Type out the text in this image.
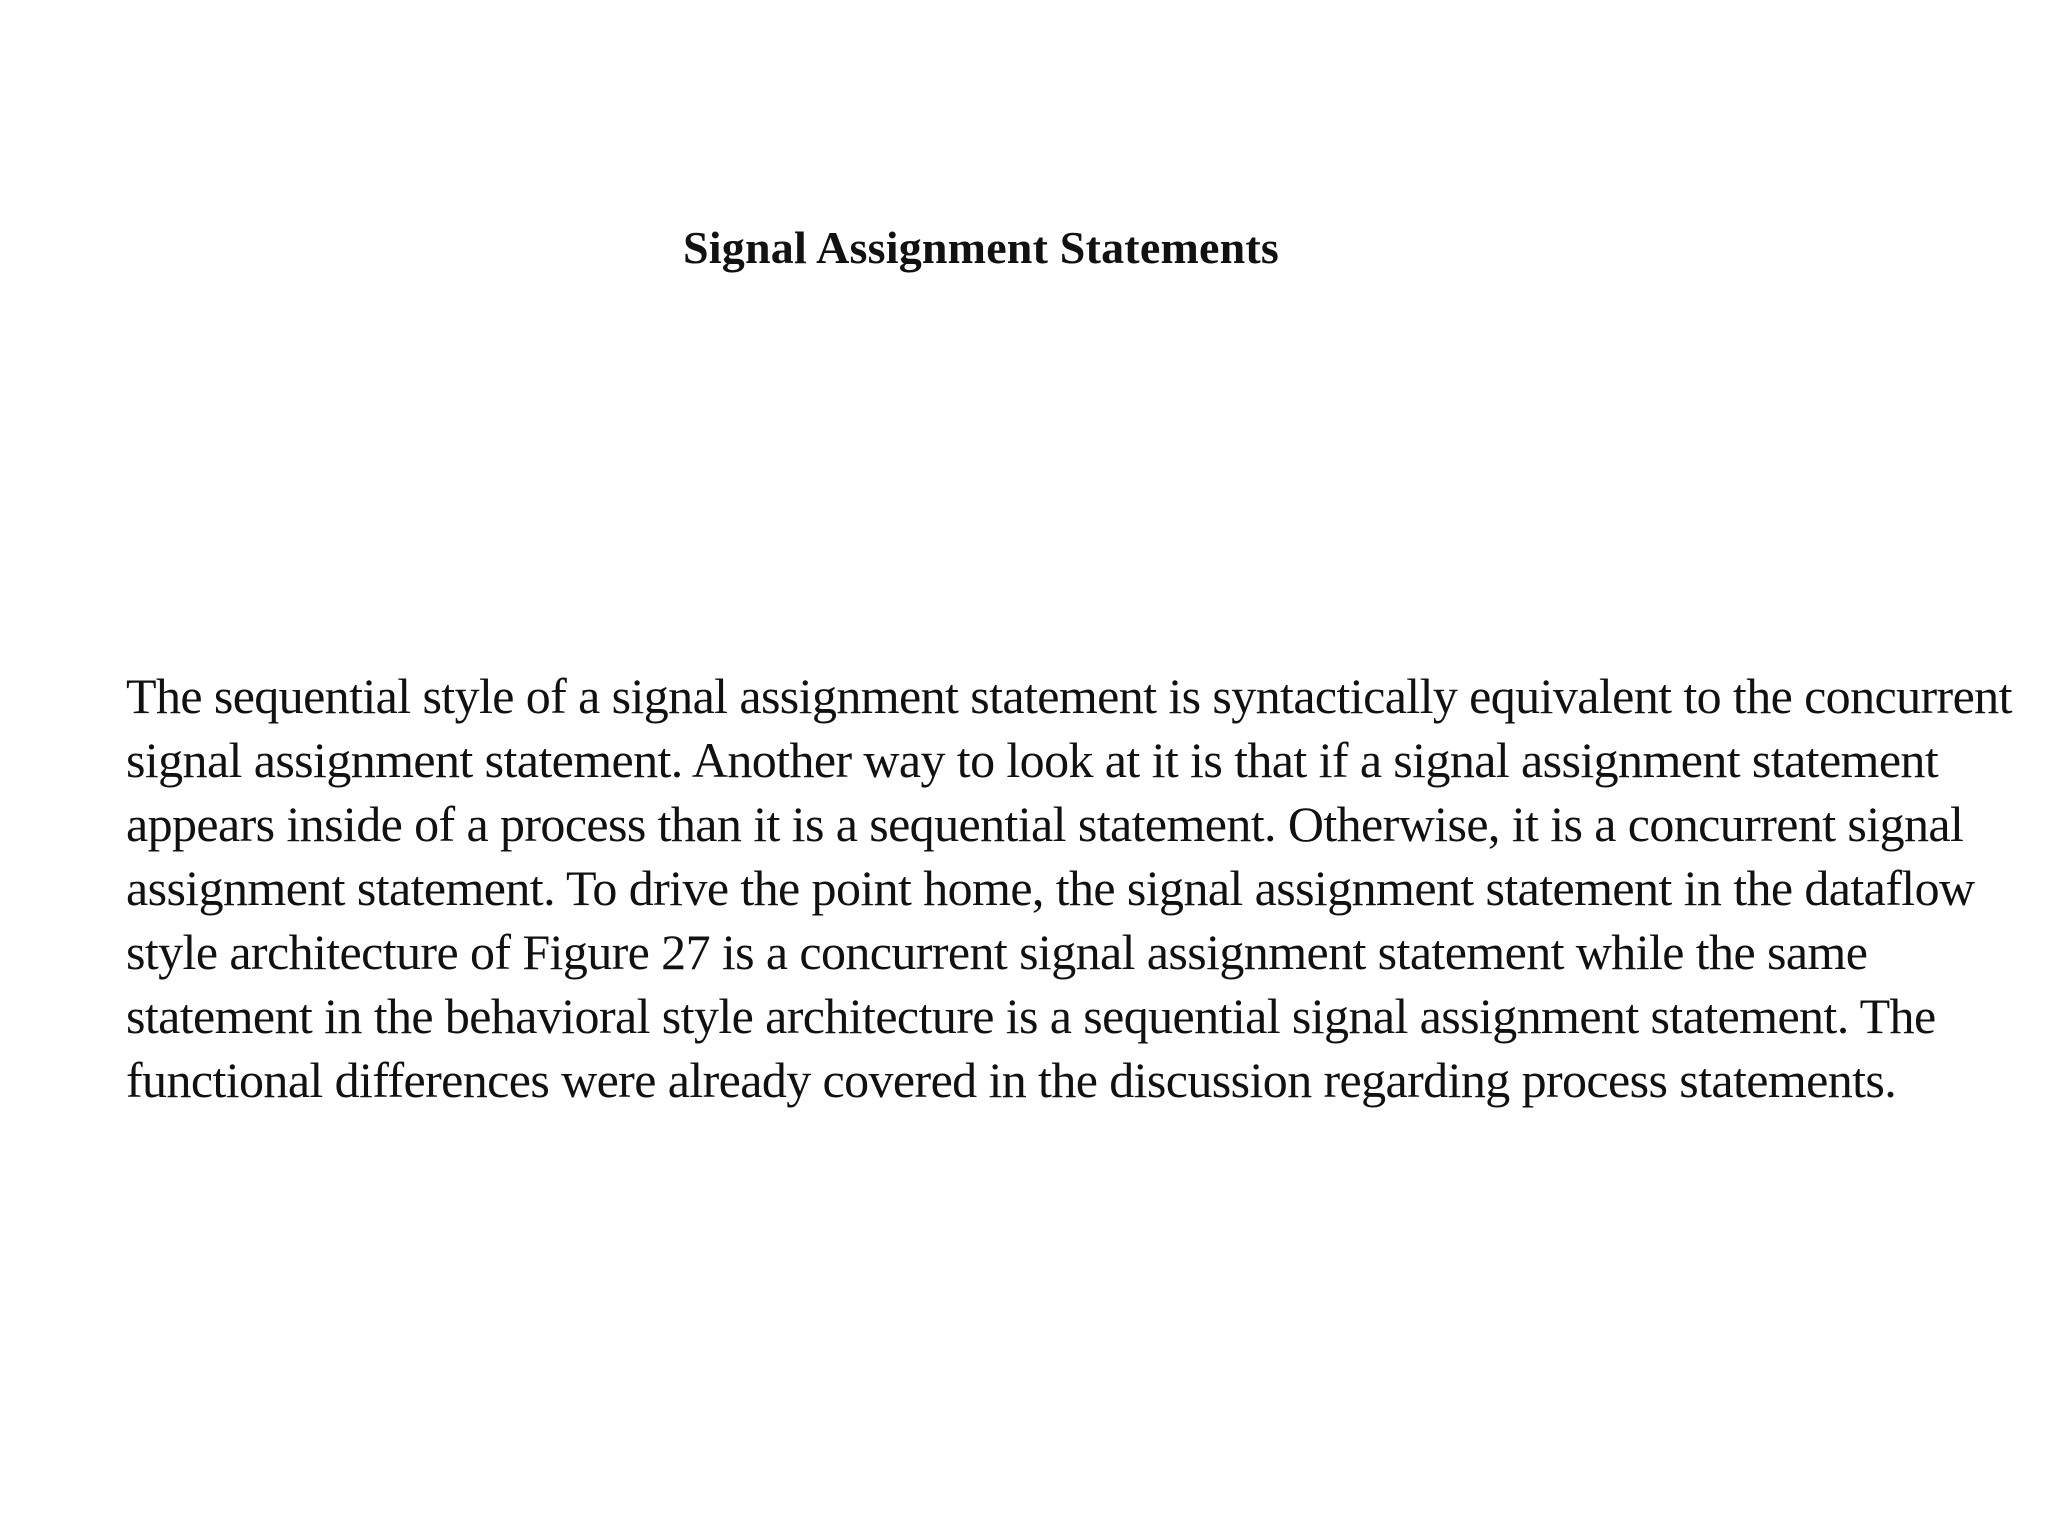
Signal Assignment Statements

The sequential style of a signal assignment statement is syntactically equivalent to the concurrent
signal assignment statement. Another way to look at it is that if a signal assignment statement
appears inside of a process than it is a sequential statement. Otherwise, it is a concurrent signal
assignment statement. To drive the point home, the signal assignment statement in the dataflow
style architecture of Figure 27 is a concurrent signal assignment statement while the same
statement in the behavioral style architecture is a sequential signal assignment statement. The
functional differences were already covered in the discussion regarding process statements.
